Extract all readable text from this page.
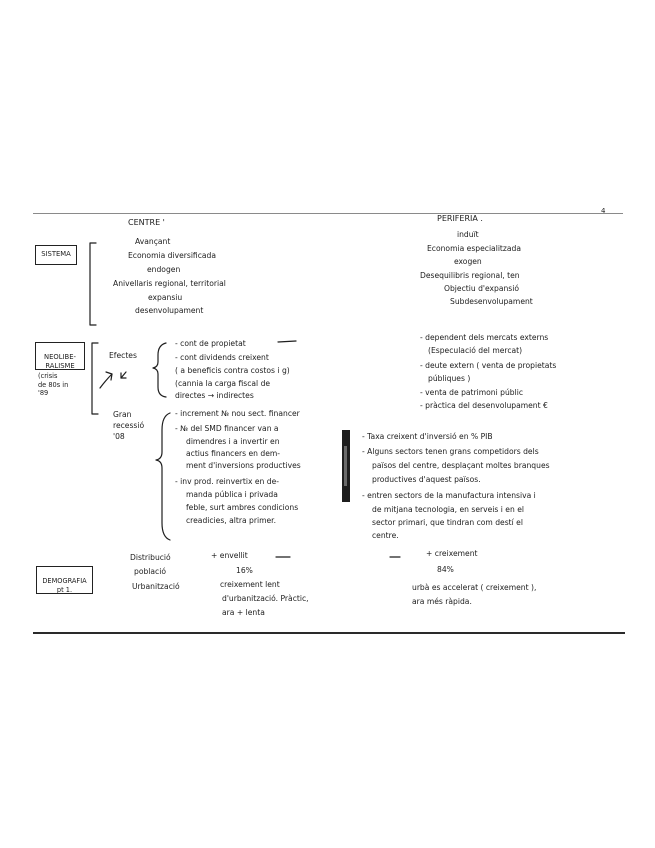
4
CENTRE '	PERIFERIA .
SISTEMA

NEOLIBE-
RALISME

(crisis
de 80s in
'89

DEMOGRAFIA
pt 1.

Avançant
Economia diversificada
endogen
Anivellaris regional, territorial
expansiu
desenvolupament
induït
Economia especialitzada
exogen
Desequilibris regional, ten
Objectiu d'expansió
Subdesenvolupament
Efectes
- cont de propietat
- cont dividends creixent
( a beneficis contra costos i g)
(cannia la carga fiscal de
directes → indirectes
Gran
recessió
'08
- increment № nou sect. financer
- № del SMD financer van a
dimendres i a invertir en
actius financers en dem-
ment d'inversions productives
- inv prod. reinvertix en de-
manda pública i privada
feble, surt ambres condicions
creadicies, altra primer.
- dependent dels mercats externs
(Especulació del mercat)
- deute extern ( venta de propietats
públiques )
- venta de patrimoni públic
- pràctica del desenvolupament €
- Taxa creixent d'inversió en % PIB
- Alguns sectors tenen grans competidors dels
països del centre, desplaçant moltes branques
productives d'aquest països.
- entren sectors de la manufactura intensiva i
de mitjana tecnologia, en serveis i en el
sector primari, que tindran com destí el
centre.
Distribució
població
Urbanització
+ envellit
16%
creixement lent
d'urbanització. Pràctic,
ara + lenta
+ creixement
84%
urbà es accelerat ( creixement ),
ara més ràpida.
